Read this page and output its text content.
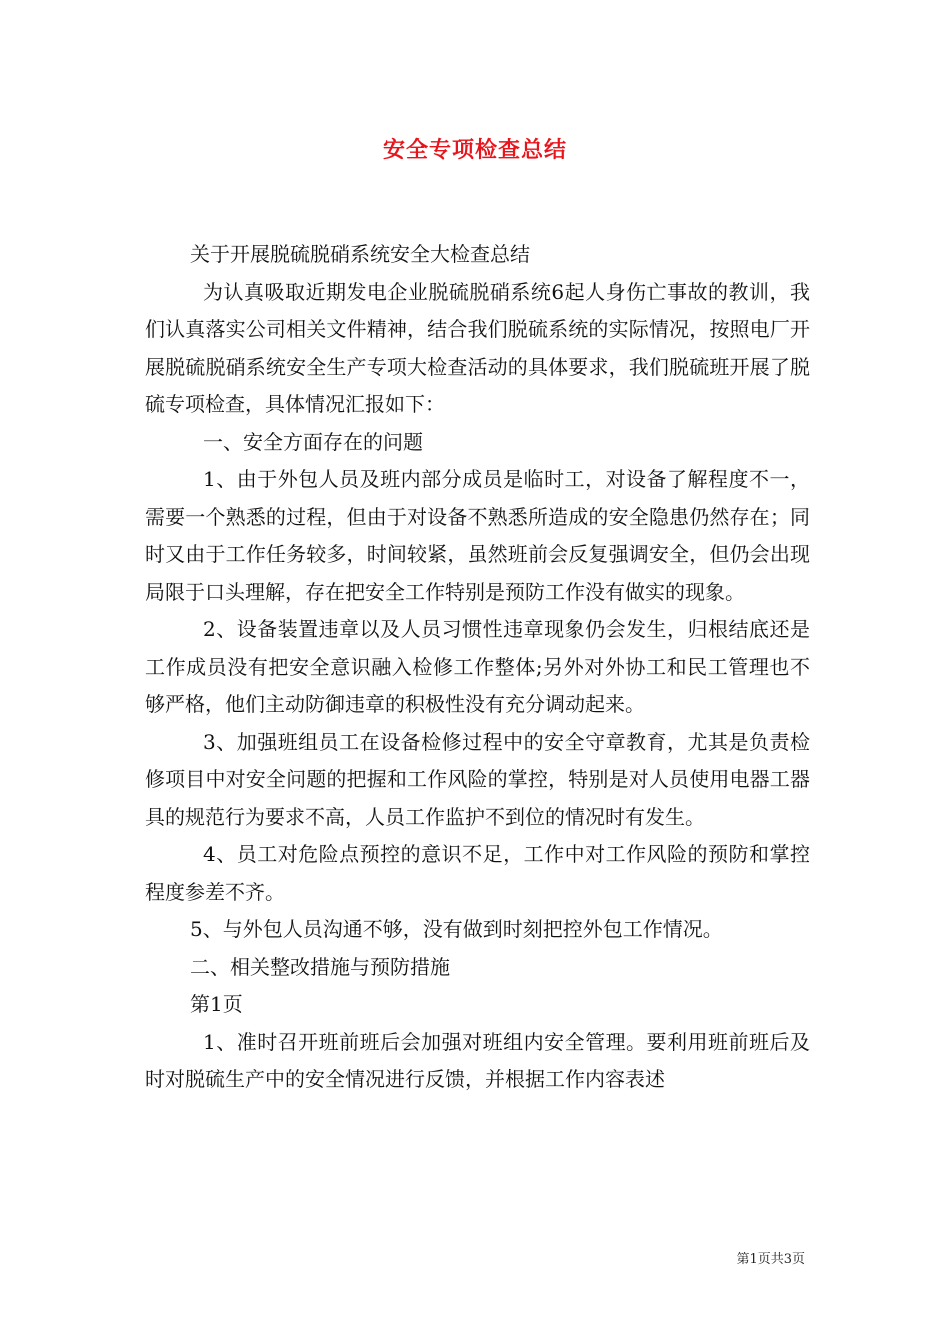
安全专项检查总结

关于开展脱硫脱硝系统安全大检查总结

为认真吸取近期发电企业脱硫脱硝系统6起人身伤亡事故的教训，我们认真落实公司相关文件精神，结合我们脱硫系统的实际情况，按照电厂开展脱硫脱硝系统安全生产专项大检查活动的具体要求，我们脱硫班开展了脱硫专项检查，具体情况汇报如下：

一、安全方面存在的问题

1、由于外包人员及班内部分成员是临时工，对设备了解程度不一，需要一个熟悉的过程，但由于对设备不熟悉所造成的安全隐患仍然存在；同时又由于工作任务较多，时间较紧，虽然班前会反复强调安全，但仍会出现局限于口头理解，存在把安全工作特别是预防工作没有做实的现象。

2、设备装置违章以及人员习惯性违章现象仍会发生，归根结底还是工作成员没有把安全意识融入检修工作整体;另外对外协工和民工管理也不够严格，他们主动防御违章的积极性没有充分调动起来。

3、加强班组员工在设备检修过程中的安全守章教育，尤其是负责检修项目中对安全问题的把握和工作风险的掌控，特别是对人员使用电器工器具的规范行为要求不高，人员工作监护不到位的情况时有发生。

4、员工对危险点预控的意识不足，工作中对工作风险的预防和掌控程度参差不齐。

5、与外包人员沟通不够，没有做到时刻把控外包工作情况。

二、相关整改措施与预防措施

第1页

1、准时召开班前班后会加强对班组内安全管理。要利用班前班后及时对脱硫生产中的安全情况进行反馈，并根据工作内容表述

第1页共3页
